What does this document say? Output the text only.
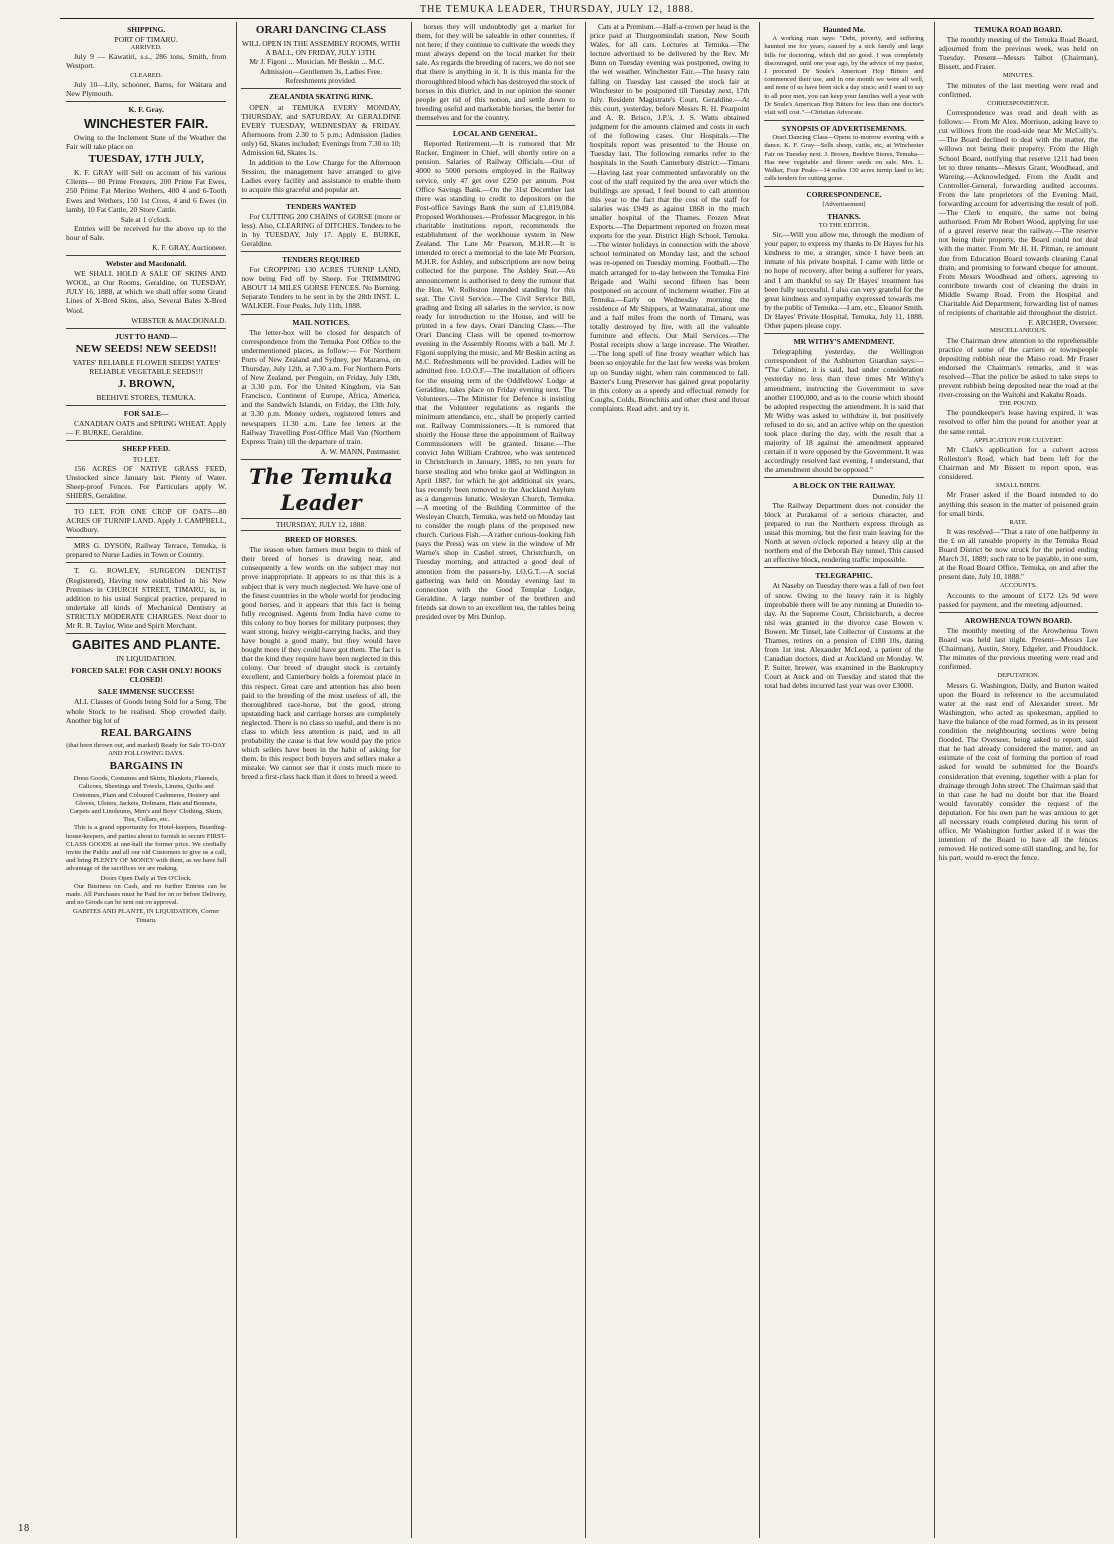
THE TEMUKA LEADER, THURSDAY, JULY 12, 1888.
SHIPPING.
PORT OF TIMARU.
ARRIVED.

July 9 — Kawatiri, s.s., 286 tons, Smith, from Westport.

CLEARED.

July 10—Lily, schooner, Barns, for Waitara and New Plymouth.

K. F. Gray.
WINCHESTER FAIR.

Owing to the Inclement State of the Weather the Fair will take place on

TUESDAY, 17TH JULY,

K. F. GRAY will Sell on account of his various Clients— 80 Prime Freezers, 200 Prime Fat Ewes, 250 Prime Fat Merino Wethers, 400 4 and 6-Tooth Ewes and Wethers, 150 1st Cross, 4 and 6 Ewes (in lamb), 10 Fat Cattle, 20 Store Cattle.

Sale at 1 o'clock.

Entries will be received for the above up to the hour of Sale.

K. F. GRAY, Auctioneer.
Webster and Macdonald.

WE SHALL HOLD A SALE OF SKINS AND WOOL, at Our Rooms, Geraldine, on TUESDAY, JULY 16, 1888, at which we shall offer some Grand Lines of X-Bred Skins, also, Several Bales X-Bred Wool.

WEBSTER & MACDONALD.
JUST TO HAND—
NEW SEEDS! NEW SEEDS!!
YATES' RELIABLE FLOWER SEEDS! YATES' RELIABLE VEGETABLE SEEDS!!!
J. BROWN,
BEEHIVE STORES, TEMUKA.
FOR SALE—

CANADIAN OATS and SPRING WHEAT. Apply— F. BURKE, Geraldine.

SHEEP FEED.
TO LET.

156 ACRES OF NATIVE GRASS FEED, Unstocked since January last. Plenty of Water. Sheep-proof Fences. For Particulars apply W. SHIERS, Geraldine.

TO LET, FOR ONE CROP OF OATS—80 ACRES OF TURNIP LAND. Apply J. CAMPBELL, Woodbury.

MRS G. DYSON, Railway Terrace, Temuka, is prepared to Nurse Ladies in Town or Country.

T. G. ROWLEY, SURGEON DENTIST (Registered), Having now established in his New Premises in CHURCH STREET, TIMARU, is, in addition to his usual Surgical practice, prepared to undertake all kinds of Mechanical Dentistry at STRICTLY MODERATE CHARGES. Next door to Mr R. R. Taylor, Wine and Spirit Merchant.

GABITES AND PLANTE.
IN LIQUIDATION.
FORCED SALE! FOR CASH ONLY! BOOKS CLOSED!
SALE IMMENSE SUCCESS!

ALL Classes of Goods being Sold for a Song. The whole Stock to be realised. Shop crowded daily. Another big lot of

REAL BARGAINS
(that been thrown out, and marked) Ready for Sale TO-DAY AND FOLLOWING DAYS.
BARGAINS IN
Dress Goods, Costumes and Skirts, Blankets, Flannels, Calicoes, Sheetings and Towels, Linens, Quilts and Cretonnes, Plain and Coloured Cashmeres, Hosiery and Gloves, Ulsters, Jackets, Dolmans, Hats and Bonnets, Carpets and Linoleums, Men's and Boys' Clothing, Shirts, Ties, Collars, etc.

This is a grand opportunity for Hotel-keepers, Boarding-house-keepers, and parties about to furnish to secure FIRST-CLASS GOODS at one-half the former price. We cordially invite the Public and all our old Customers to give us a call, and bring PLENTY OF MONEY with them, as we have full advantage of the sacrifices we are making.

Doors Open Daily at Ten O'Clock.

Our Business on Cash, and no further Entries can be made. All Purchases must be Paid for on or before Delivery, and no Goods can be sent out on approval.

GABITES AND PLANTE, IN LIQUIDATION, Corner Timaru.
ORARI DANCING CLASS
WILL OPEN IN THE ASSEMBLY ROOMS, WITH A BALL, ON FRIDAY, JULY 13TH.

Mr J. Figoni ... Musician. Mr Beskin ... M.C.

Admission—Gentlemen 3s, Ladies Free.
Refreshments provided.
ZEALANDIA SKATING RINK.

OPEN at TEMUKA EVERY MONDAY, THURSDAY, and SATURDAY. At GERALDINE EVERY TUESDAY, WEDNESDAY & FRIDAY. Afternoons from 2.30 to 5 p.m.; Admission (ladies only) 6d, Skates included; Evenings from 7.30 to 10; Admission 6d, Skates 1s.

In addition to the Low Charge for the Afternoon Session, the management have arranged to give Ladies every facility and assistance to enable them to acquire this graceful and popular art.

TENDERS WANTED

For CUTTING 200 CHAINS of GORSE (more or less). Also, CLEARING of DITCHES. Tenders to be in by TUESDAY, July 17. Apply E. BURKE, Geraldine.

TENDERS REQUIRED

For CROPPING 130 ACRES TURNIP LAND, now being Fed off by Sheep. For TRIMMING ABOUT 14 MILES GORSE FENCES. No Burning. Separate Tenders to be sent in by the 28th INST. L. WALKER. Four Peaks, July 11th, 1888.

MAIL NOTICES.

The letter-box will be closed for despatch of correspondence from the Temuka Post Office to the undermentioned places, as follow:— For Northern Ports of New Zealand and Sydney, per Mararoa, on Thursday, July 12th, at 7.30 a.m. For Northern Ports of New Zealand, per Penguin, on Friday, July 13th, at 3.30 p.m. For the United Kingdom, via San Francisco, Continent of Europe, Africa, America, and the Sandwich Islands, on Friday, the 13th July, at 3.30 p.m. Money orders, registered letters and newspapers 11.30 a.m. Late fee letters at the Railway Travelling Post-Office Mail Van (Northern Express Train) till the departure of train.

A. W. MANN, Postmaster.
The Temuka Leader
THURSDAY, JULY 12, 1888.
BREED OF HORSES.

The season when farmers must begin to think of their breed of horses is drawing near, and consequently a few words on the subject may not prove inappropriate. It appears to us that this is a subject that is very much neglected. We have one of the finest countries in the whole world for producing good horses, and it appears that this fact is being fully recognised. Agents from India have come to this colony to buy horses for military purposes; they want strong, heavy weight-carrying backs, and they have bought a good many, but they would have bought more if they could have got them. The fact is that the kind they require have been neglected in this colony. Our breed of draught stock is certainly excellent, and Canterbury holds a foremost place in this respect. Great care and attention has also been paid to the breeding of the most useless of all, the thoroughbred race-horse, but the good, strong upstanding hack and carriage horses are completely neglected. There is no class so useful, and there is no class to which less attention is paid, and in all probability the cause is that few would pay the price which sellers have been in the habit of asking for them. In this respect both buyers and sellers make a mistake. We cannot see that it costs much more to breed a first-class hack than it does to breed a weed.

horses they will undoubtedly get a market for them, for they will be saleable in other countries, if not here; if they continue to cultivate the weeds they must always depend on the local market for their sale. As regards the breeding of racers, we do not see that there is anything in it. It is this mania for the thoroughbred blood which has destroyed the stock of horses in this district, and in our opinion the sooner people get rid of this notion, and settle down to breeding useful and marketable horses, the better for themselves and for the country.

LOCAL AND GENERAL.

Reported Retirement.—It is rumored that Mr Rucker, Engineer in Chief, will shortly retire on a pension. Salaries of Railway Officials.—Out of 4000 to 5000 persons employed in the Railway service, only 47 get over £250 per annum. Post Office Savings Bank.—On the 31st December last there was standing to credit to depositors on the Post-office Savings Bank the sum of £1,819,084. Proposed Workhouses.—Professor Macgregor, in his charitable institutions report, recommends the establishment of the workhouse system in New Zealand. The Late Mr Pearson, M.H.R.—It is intended to erect a memorial to the late Mr Pearson, M.H.R. for Ashley, and subscriptions are now being collected for the purpose. The Ashley Seat.—An announcement is authorised to deny the rumour that the Hon. W. Rolleston intended standing for this seat. The Civil Service.—The Civil Service Bill, grading and fixing all salaries in the service, is now ready for introduction to the House, and will be printed in a few days. Orari Dancing Class.—The Orari Dancing Class will be opened to-morrow evening in the Assembly Rooms with a ball. Mr J. Figoni supplying the music, and Mr Beskin acting as M.C. Refreshments will be provided. Ladies will be admitted free. I.O.O.F.—The installation of officers for the ensuing term of the Oddfellows' Lodge at Geraldine, takes place on Friday evening next. The Volunteers.—The Minister for Defence is insisting that the Volunteer regulations as regards the minimum attendance, etc., shall be properly carried out. Railway Commissioners.—It is rumored that shortly the House three the appointment of Railway Commissioners will be granted. Insane.—The convict John William Crabtree, who was sentenced in Christchurch in January, 1885, to ten years for horse stealing and who broke gaol at Wellington in April 1887, for which he got additional six years, has recently been removed to the Auckland Asylum as a dangerous lunatic. Wesleyan Church, Temuka.—A meeting of the Building Committee of the Wesleyan Church, Temuka, was held on Monday last to consider the rough plans of the proposed new church. Curious Fish.—A rather curious-looking fish (says the Press) was on view in the window of Mr Warne's shop in Cashel street, Christchurch, on Tuesday morning, and attracted a good deal of attention from the passers-by. I.O.G.T.—A social gathering was held on Monday evening last in connection with the Good Templar Lodge, Geraldine. A large number of the brethren and friends sat down to an excellent tea, the tables being presided over by Mrs Dunlop.

Cats at a Premium.—Half-a-crown per head is the price paid at Thurgoomindah station, New South Wales, for all cats. Lectures at Temuka.—The lecture advertised to be delivered by the Rev. Mr Bunn on Tuesday evening was postponed, owing to the wet weather. Winchester Fair.—The heavy rain falling on Tuesday last caused the stock fair at Winchester to be postponed till Tuesday next, 17th July. Resident Magistrate's Court, Geraldine.—At this court, yesterday, before Messrs R. H. Pearpoint and A. R. Brisco, J.P.'s, J. S. Watts obtained judgment for the amounts claimed and costs in each of the following cases. Our Hospitals.—The hospitals report was presented to the House on Tuesday last. The following remarks refer to the hospitals in the South Canterbury district:—Timaru—Having last year commented unfavorably on the cost of the staff required by the area over which the buildings are spread, I feel bound to call attention this year to the fact that the cost of the staff for salaries was £949 as against £868 in the much smaller hospital of the Thames. Frozen Meat Exports.—The Department reported on frozen meat exports for the year. District High School, Temuka.—The winter holidays in connection with the above school terminated on Monday last, and the school was re-opened on Tuesday morning. Football.—The match arranged for to-day between the Temuka Fire Brigade and Waihi second fifteen has been postponed on account of inclement weather. Fire at Temuka.—Early on Wednesday morning the residence of Mr Shippers, at Waimataitai, about one and a half miles from the north of Timaru, was totally destroyed by fire, with all the valuable furniture and effects. Our Mail Services.—The Postal receipts show a large increase. The Weather.—The long spell of fine frosty weather which has been so enjoyable for the last few weeks was broken up on Sunday night, when rain commenced to fall. Baxter's Lung Preserver has gained great popularity in this colony as a speedy and effectual remedy for Coughs, Colds, Bronchitis and other chest and throat complaints. Read advt. and try it.

Haunted Me.

A working man says: "Debt, poverty, and suffering haunted me for years, caused by a sick family and large bills for doctoring, which did no good. I was completely discouraged, until one year ago, by the advice of my pastor, I procured Dr Soule's American Hop Bitters and commenced their use, and in one month we were all well, and none of us have been sick a day since; and I want to say to all poor men, you can keep your families well a year with Dr Soule's American Hop Bitters for less than one doctor's visit will cost."—Christian Advocate.

SYNOPSIS OF ADVERTISEMENMS.

Orari Dancing Class—Opens to-morrow evening with a dance. K. F. Gray—Sells sheep, cattle, etc, at Winchester Fair on Tuesday next. J. Brown, Beehive Stores, Temuka—Has new vegetable and flower seeds on sale. Mrs. L. Walker, Four Peaks—14 miles 130 acres turnip land to let; calls tenders for cutting gorse.

CORRESPONDENCE.
[Advertisement]
THANKS.
TO THE EDITOR.

Sir,—Will you allow me, through the medium of your paper, to express my thanks to Dr Hayes for his kindness to me, a stranger, since I have been an inmate of his private hospital. I came with little or no hope of recovery, after being a sufferer for years, and I am thankful to say Dr Hayes' treatment has been fully successful. I also can very grateful for the great kindness and sympathy expressed towards me by the public of Temuka.—I am, etc., Eleanor Smith. Dr Hayes' Private Hospital, Temuka, July 11, 1888. Other papers please copy.

MR WITHY'S AMENDMENT.

Telegraphing yesterday, the Wellington correspondent of the Ashburton Guardian says:— "The Cabinet, it is said, had under consideration yesterday no less than three times Mr Withy's amendment, instructing the Government to save another £100,000, and as to the course which should be adopted respecting the amendment. It is said that Mr Withy was asked to withdraw it, but positively refused to do so, and an active whip on the question took place during the day, with the result that a majority of 18 against the amendment appeared certain if it were opposed by the Government. It was accordingly resolved last evening, I understand, that the amendment should be opposed."

A BLOCK ON THE RAILWAY.
Dunedin, July 11

The Railway Department does not consider the block at Purakanui of a serious character, and prepared to run the Northern express through as usual this morning, but the first train leaving for the North at seven o'clock reported a heavy slip at the northern end of the Deborah Bay tunnel. This caused an effective block, rendering traffic impossible.

TELEGRAPHIC.

At Naseby on Tuesday there was a fall of two feet of snow. Owing to the heavy rain it is highly improbable there will be any running at Dunedin to-day. At the Supreme Court, Christchurch, a decree nisi was granted in the divorce case Bowen v. Bowen. Mr Tinsel, late Collector of Customs at the Thames, retires on a pension of £180 10s, dating from 1st inst. Alexander McLeod, a patient of the Canadian doctors, died at Auckland on Monday. W. P. Suiter, brewer, was examined in the Bankruptcy Court at Auck and on Tuesday and stated that the total bad debts incurred last year was over £3000.

TEMUKA ROAD BOARD.

The monthly meeting of the Temuka Road Board, adjourned from the previous week, was held on Tuesday. Present—Messrs Talbot (Chairman), Bissett, and Fraser.

MINUTES.

The minutes of the last meeting were read and confirmed.

CORRESPONDENCE.

Correspondence was read and dealt with as follows:— From Mr Alex. Morrison, asking leave to cut willows from the road-side near Mr McCully's.—The Board declined to deal with the matter, the willows not being their property. From the High School Board, notifying that reserve 1211 had been let to three tenants—Messrs Grant, Woodhead, and Wareing.—Acknowledged. From the Audit and Controller-General, forwarding audited accounts. From the late proprietors of the Evening Mail, forwarding account for advertising the result of poll.—The Clerk to enquire, the same not being authorised. From Mr Robert Wood, applying for use of a gravel reserve near the railway.—The reserve not being their property, the Board could not deal with the matter. From Mr H. H. Pitman, re amount due from Education Board towards cleaning Canal drain, and promising to forward cheque for amount. From Messrs Woodhead and others, agreeing to contribute towards cost of cleaning the drain in Middle Swamp Road. From the Hospital and Charitable Aid Department, forwarding list of names of recipients of charitable aid throughout the district.

F. ARCHER, Overseer.
MISCELLANEOUS.

The Chairman drew attention to the reprehensible practice of some of the carriers or townspeople depositing rubbish near the Maiso road. Mr Fraser endorsed the Chairman's remarks, and it was resolved—That the police be asked to take steps to prevent rubbish being deposited near the road at the river-crossing on the Waitohi and Kakahu Roads.

THE POUND.

The poundkeeper's lease having expired, it was resolved to offer him the pound for another year at the same rental.

APPLICATION FOR CULVERT.

Mr Clark's application for a culvert across Rolleston's Road, which had been left for the Chairman and Mr Bissett to report upon, was considered.

SMALL BIRDS.

Mr Fraser asked if the Board intended to do anything this season in the matter of poisoned grain for small birds.

RATE.

It was resolved—"That a rate of one halfpenny in the £ on all rateable property in the Temuka Road Board District be now struck for the period ending March 31, 1889; such rate to be payable, in one sum, at the Road Board Office, Temuka, on and after the present date, July 10, 1888."

ACCOUNTS.

Accounts to the amount of £172 12s 9d were passed for payment, and the meeting adjourned.

AROWHENUA TOWN BOARD.

The monthly meeting of the Arowhenua Town Board was held last night. Present—Messrs Lee (Chairman), Austin, Story, Edgeler, and Prouddock. The minutes of the previous meeting were read and confirmed.

DEPUTATION.

Messrs G. Washington, Daily, and Burton waited upon the Board in reference to the accumulated water at the east end of Alexander street. Mr Washington, who acted as spokesman, applied to have the balance of the road formed, as in its present condition the neighbouring sections were being flooded. The Overseer, being asked to report, said that he had already considered the matter, and an estimate of the cost of forming the portion of road asked for would be submitted for the Board's consideration that evening, together with a plan for drainage through John street. The Chairman said that in that case he had no doubt but that the Board would favorably consider the request of the deputation. For his own part he was anxious to get all necessary roads completed during his term of office. Mr Washington further asked if it was the intention of the Board to have all the fences removed. He noticed some still standing, and he, for his part, would re-erect the fence.

18
